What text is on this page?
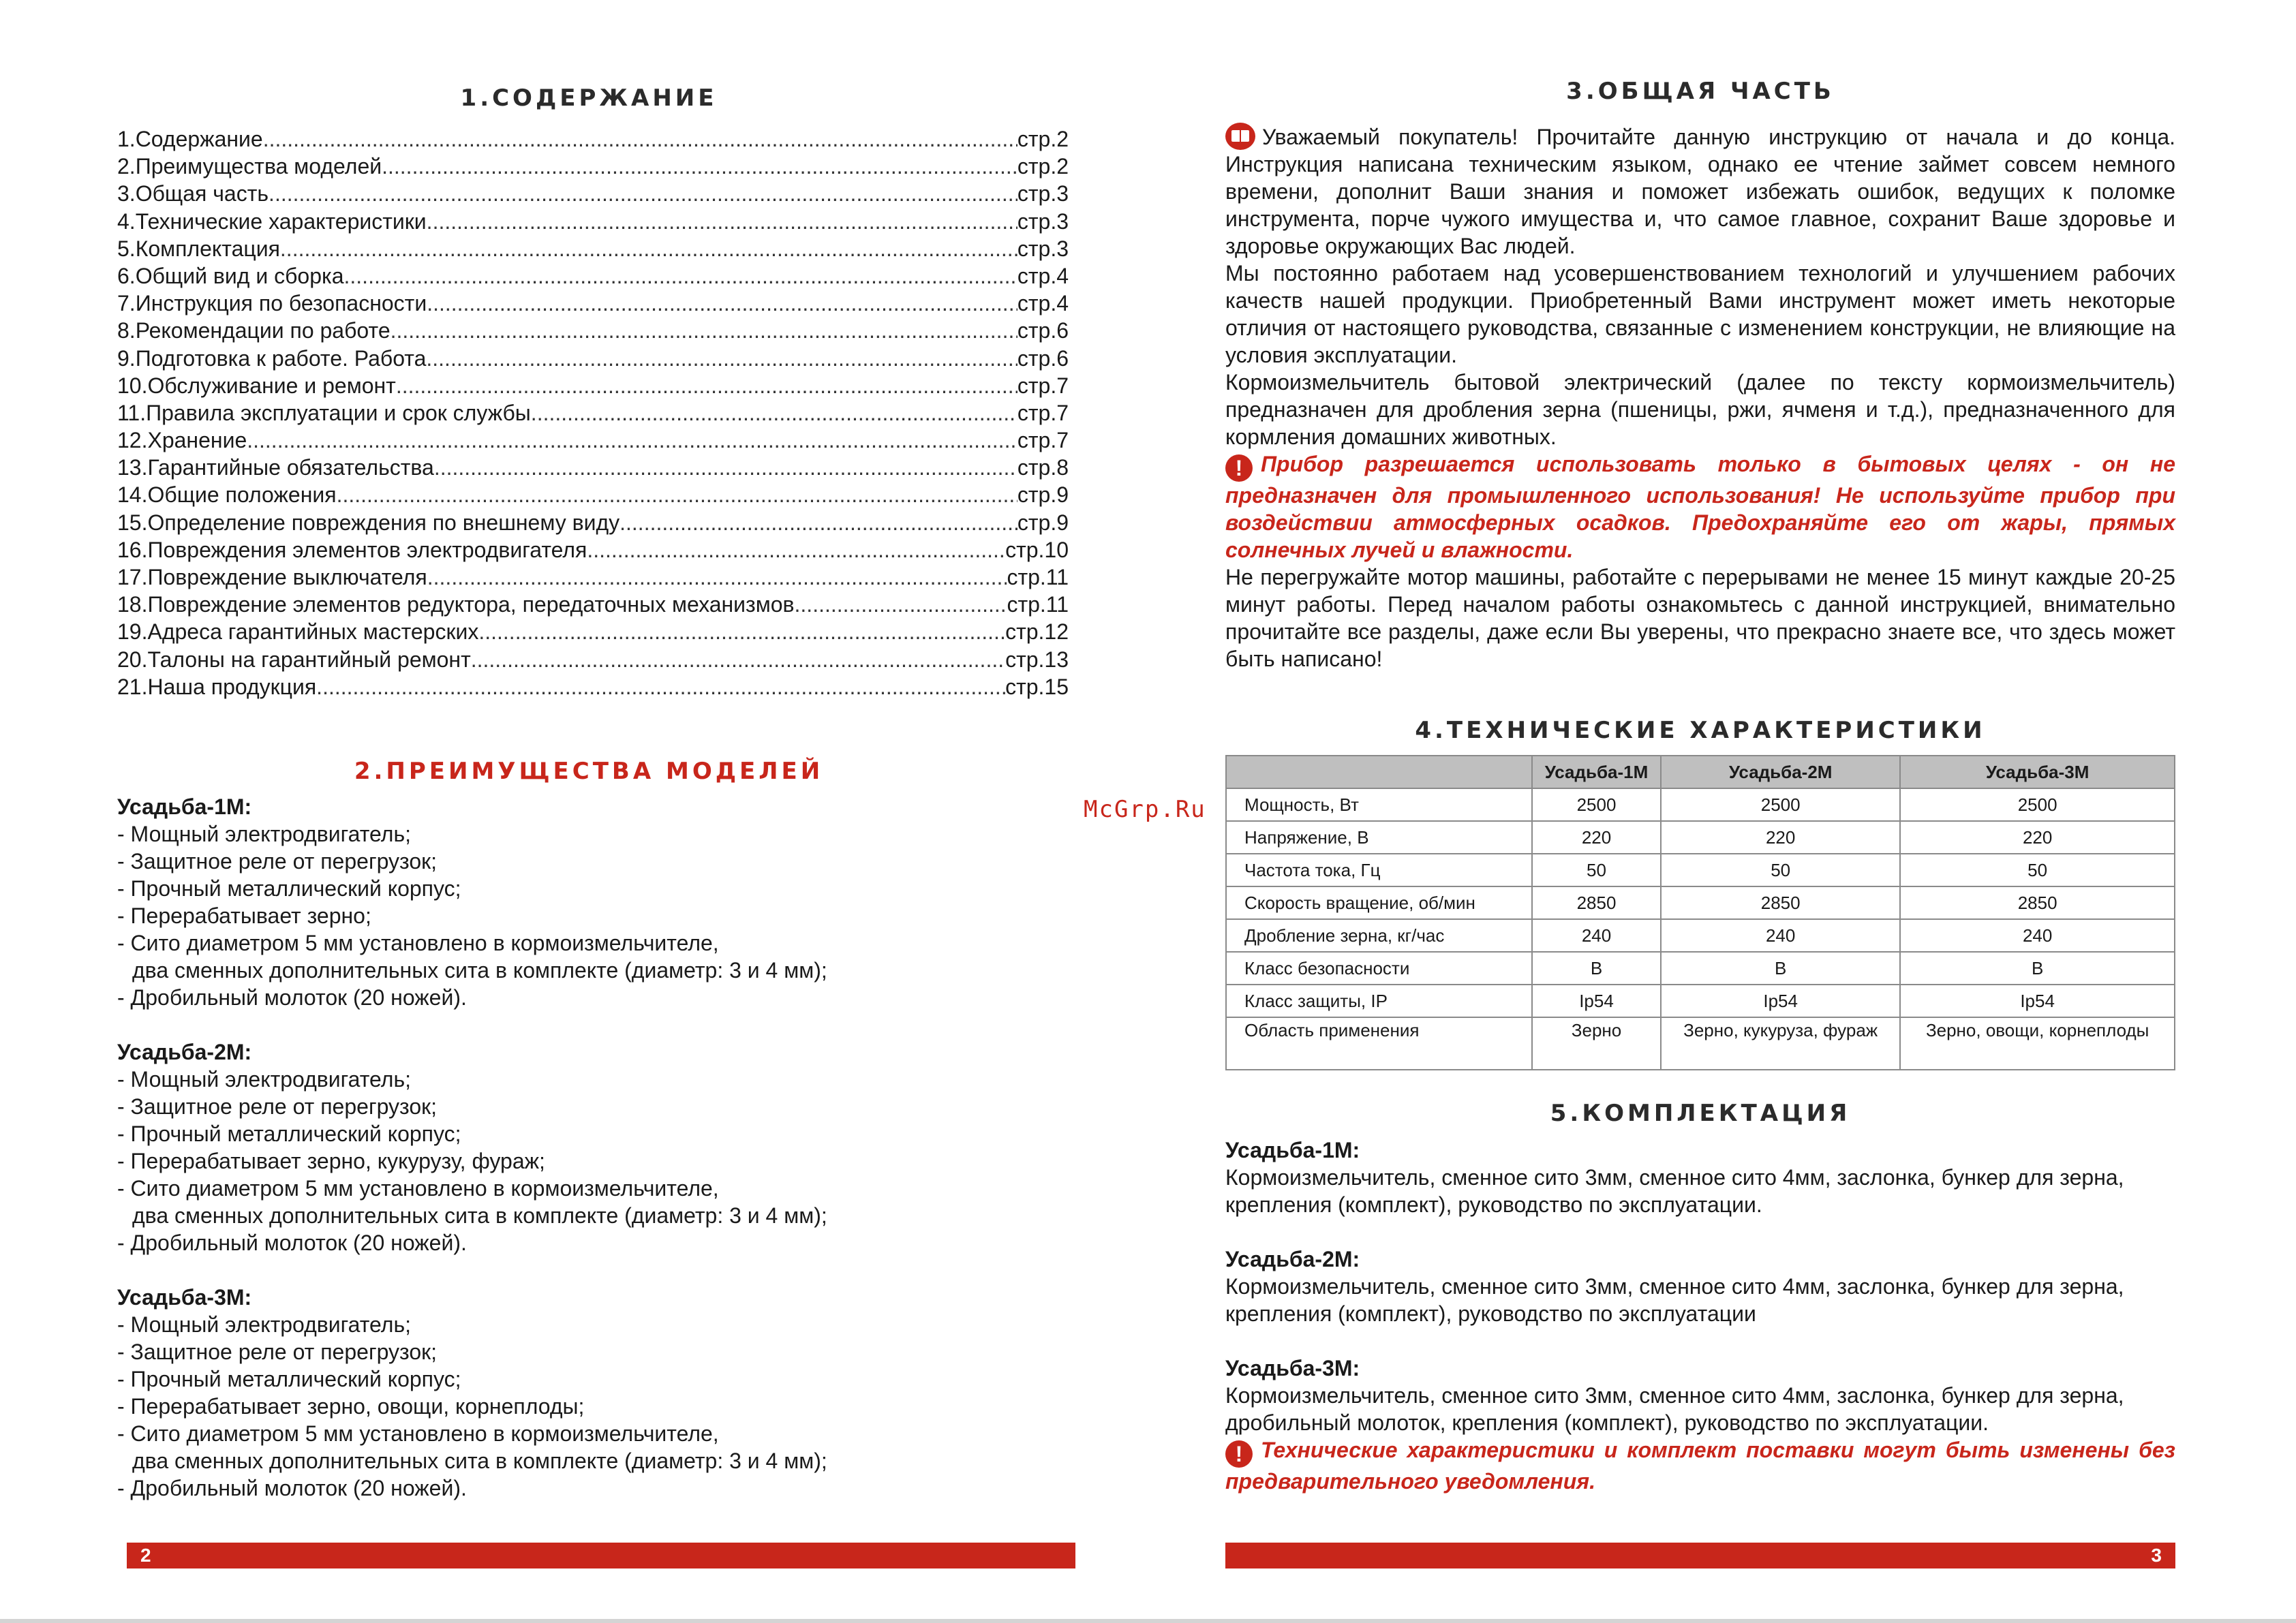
1.СОДЕРЖАНИЕ
1.Содержание .....	стр.2
2.Преимущества моделей .....	стр.2
3.Общая часть .....	стр.3
4.Технические характеристики .....	стр.3
5.Комплектация .....	стр.3
6.Общий вид и сборка .....	стр.4
7.Инструкция по безопасности .....	стр.4
8.Рекомендации по работе .....	стр.6
9.Подготовка к работе. Работа .....	стр.6
10.Обслуживание и ремонт .....	стр.7
11.Правила эксплуатации и срок службы .....	стр.7
12.Хранение .....	стр.7
13.Гарантийные обязательства .....	стр.8
14.Общие положения .....	стр.9
15.Определение повреждения по внешнему виду .....	стр.9
16.Повреждения элементов электродвигателя .....	стр.10
17.Повреждение выключателя .....	стр.11
18.Повреждение элементов редуктора, передаточных механизмов .....	стр.11
19.Адреса гарантийных мастерских .....	стр.12
20.Талоны на гарантийный ремонт .....	стр.13
21.Наша продукция .....	стр.15
2.ПРЕИМУЩЕСТВА МОДЕЛЕЙ
Усадьба-1М:
- Мощный электродвигатель;
- Защитное реле от перегрузок;
- Прочный металлический корпус;
- Перерабатывает зерно;
- Сито диаметром 5 мм установлено в кормоизмельчителе,
два сменных дополнительных сита в комплекте (диаметр: 3 и 4 мм);
- Дробильный молоток (20 ножей).
Усадьба-2М:
- Мощный электродвигатель;
- Защитное реле от перегрузок;
- Прочный металлический корпус;
- Перерабатывает зерно, кукурузу, фураж;
- Сито диаметром 5 мм установлено в кормоизмельчителе,
два сменных дополнительных сита в комплекте (диаметр: 3 и 4 мм);
- Дробильный молоток (20 ножей).
Усадьба-3М:
- Мощный электродвигатель;
- Защитное реле от перегрузок;
- Прочный металлический корпус;
- Перерабатывает зерно, овощи, корнеплоды;
- Сито диаметром 5 мм установлено в кормоизмельчителе,
два сменных дополнительных сита в комплекте (диаметр: 3 и 4 мм);
- Дробильный молоток (20 ножей).
2
3.ОБЩАЯ ЧАСТЬ

Уважаемый покупатель! Прочитайте данную инструкцию от начала и до конца. Инструкция написана техническим языком, однако ее чтение займет совсем немного времени, дополнит Ваши знания и поможет избежать ошибок, ведущих к поломке инструмента, порче чужого имущества и, что самое главное, сохранит Ваше здоровье и здоровье окружающих Вас людей.

Мы постоянно работаем над усовершенствованием технологий и улучшением рабочих качеств нашей продукции. Приобретенный Вами инструмент может иметь некоторые отличия от настоящего руководства, связанные с изменением конструкции, не влияющие на условия эксплуатации.

Кормоизмельчитель бытовой электрический (далее по тексту кормоизмельчитель) предназначен для дробления зерна (пшеницы, ржи, ячменя и т.д.), предназначенного для кормления домашних животных.

! Прибор разрешается использовать только в бытовых целях - он не предназначен для промышленного использования! Не используйте прибор при воздействии атмосферных осадков. Предохраняйте его от жары, прямых солнечных лучей и влажности.

Не перегружайте мотор машины, работайте с перерывами не менее 15 минут каждые 20-25 минут работы. Перед началом работы ознакомьтесь с данной инструкцией, внимательно прочитайте все разделы, даже если Вы уверены, что прекрасно знаете все, что здесь может быть написано!

4.ТЕХНИЧЕСКИЕ ХАРАКТЕРИСТИКИ
	Усадьба-1М	Усадьба-2М	Усадьба-3М
Мощность, Вт	2500	2500	2500
Напряжение, В	220	220	220
Частота тока, Гц	50	50	50
Скорость вращение, об/мин	2850	2850	2850
Дробление зерна, кг/час	240	240	240
Класс безопасности	B	B	B
Класс защиты, IP	Ip54	Ip54	Ip54
Область применения	Зерно	Зерно, кукуруза, фураж	Зерно, овощи, корнеплоды
McGrp.Ru
5.КОМПЛЕКТАЦИЯ
Усадьба-1М:
Кормоизмельчитель, сменное сито 3мм, сменное сито 4мм, заслонка, бункер для зерна, крепления (комплект), руководство по эксплуатации.
Усадьба-2М:
Кормоизмельчитель, сменное сито 3мм, сменное сито 4мм, заслонка, бункер для зерна, крепления (комплект), руководство по эксплуатации
Усадьба-3М:
Кормоизмельчитель, сменное сито 3мм, сменное сито 4мм, заслонка, бункер для зерна, дробильный молоток, крепления (комплект), руководство по эксплуатации.
! Технические характеристики и комплект поставки могут быть изменены без предварительного уведомления.
3
